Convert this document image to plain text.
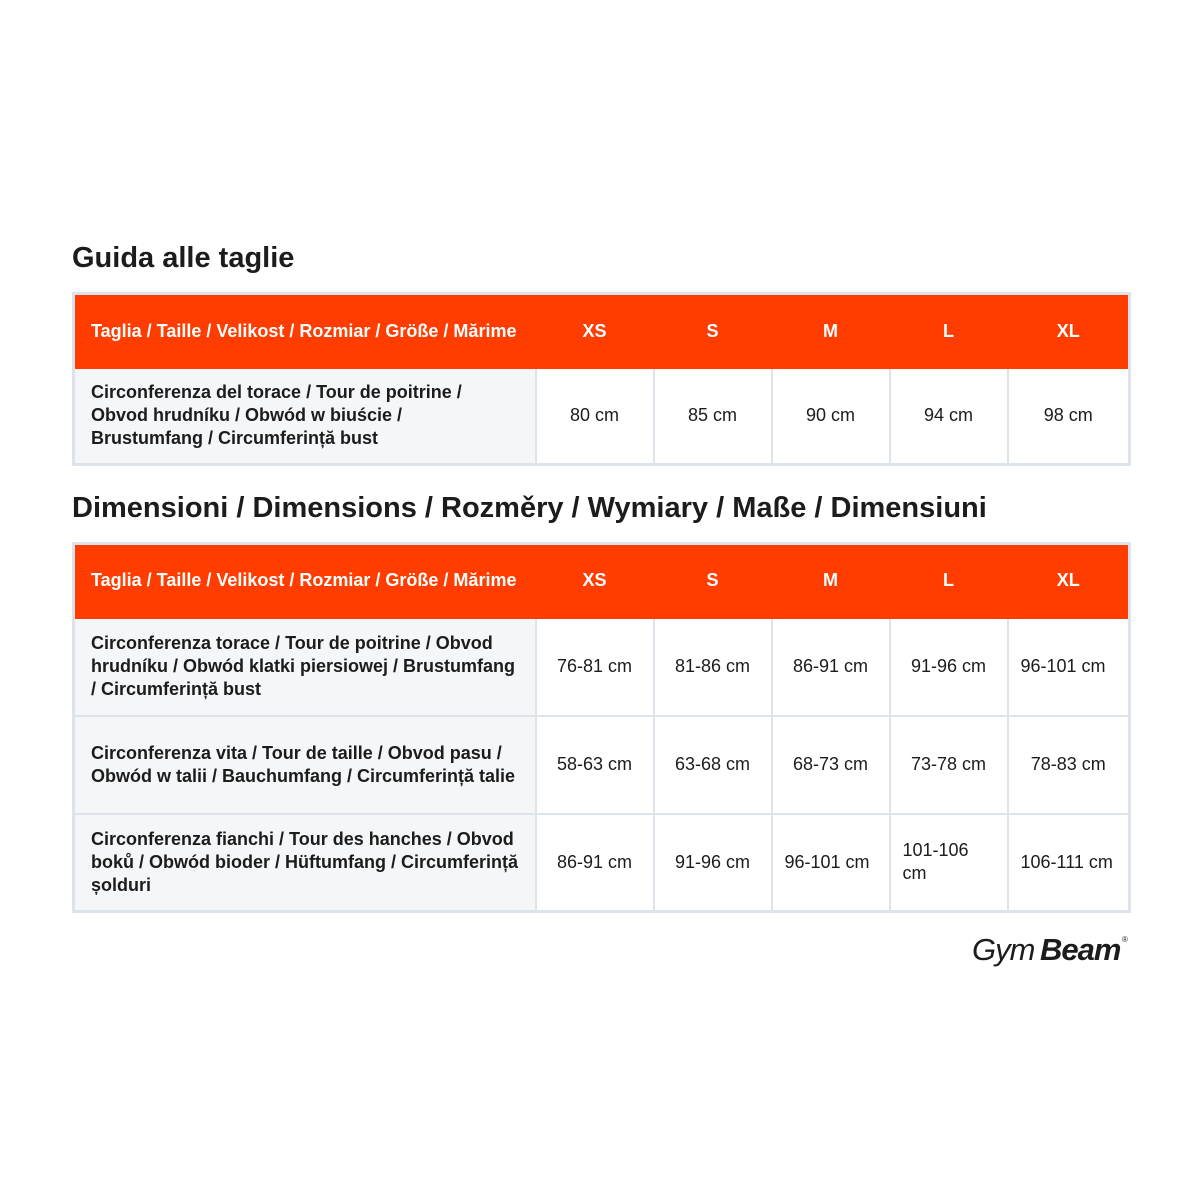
Guida alle taglie
Taglia / Taille / Velikost / Rozmiar / Größe / Mărime	XS	S	M	L	XL
Circonferenza del torace / Tour de poitrine / Obvod hrudníku / Obwód w biuście / Brustumfang / Circumferință bust	80 cm	85 cm	90 cm	94 cm	98 cm
Dimensioni / Dimensions / Rozměry / Wymiary / Maße / Dimensiuni
Taglia / Taille / Velikost / Rozmiar / Größe / Mărime	XS	S	M	L	XL
Circonferenza torace / Tour de poitrine / Obvod hrudníku / Obwód klatki piersiowej / Brustumfang / Circumferință bust	76-81 cm	81-86 cm	86-91 cm	91-96 cm	96-101 cm
Circonferenza vita / Tour de taille / Obvod pasu / Obwód w talii / Bauchumfang / Circumferință talie	58-63 cm	63-68 cm	68-73 cm	73-78 cm	78-83 cm
Circonferenza fianchi / Tour des hanches / Obvod boků / Obwód bioder / Hüftumfang / Circumferință șolduri	86-91 cm	91-96 cm	96-101 cm	101-106 cm	106-111 cm
Gym Beam ®
